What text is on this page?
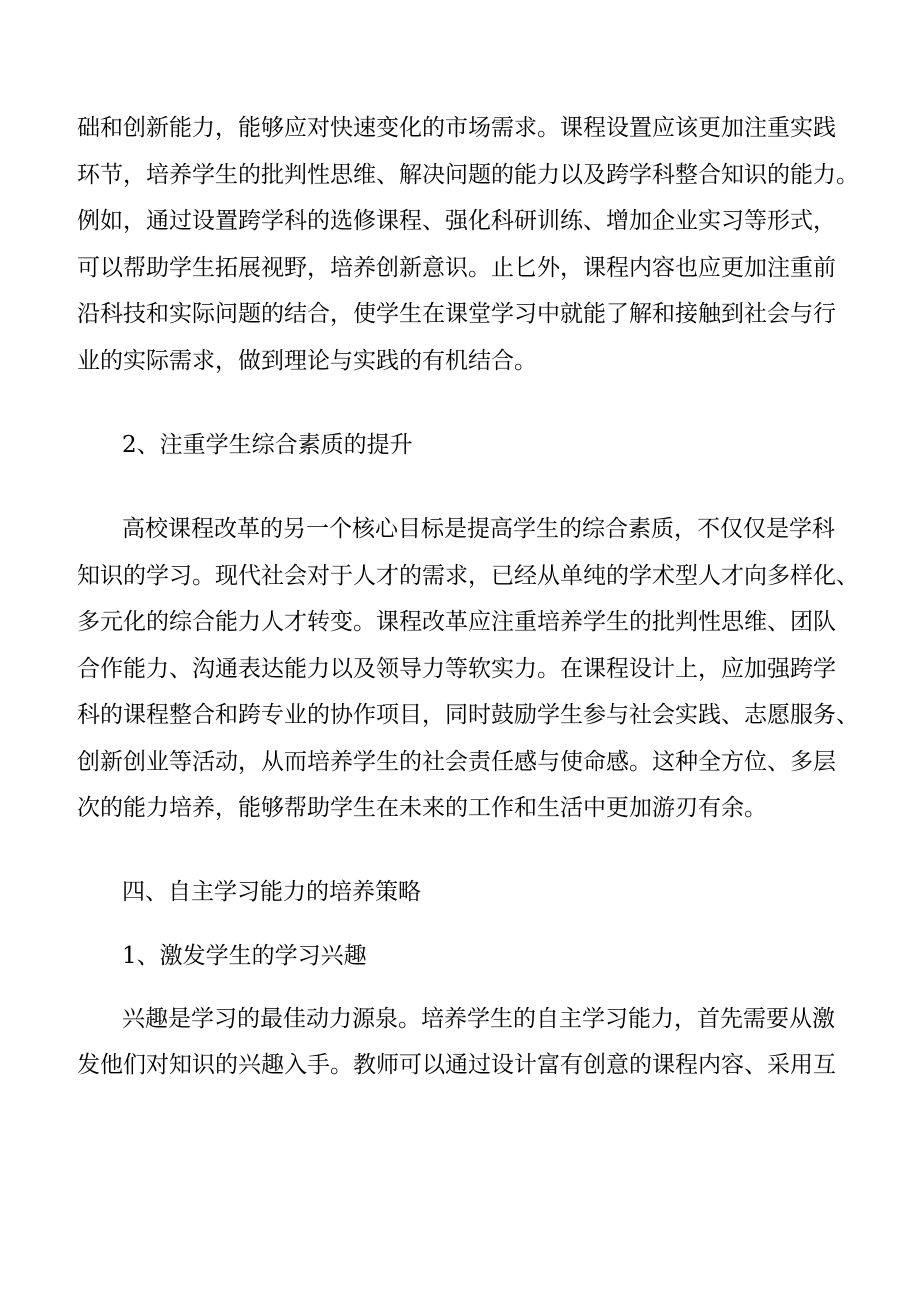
础和创新能力，能够应对快速变化的市场需求。课程设置应该更加注重实践

环节，培养学生的批判性思维、解决问题的能力以及跨学科整合知识的能力。

例如，通过设置跨学科的选修课程、强化科研训练、增加企业实习等形式，

可以帮助学生拓展视野，培养创新意识。止匕外，课程内容也应更加注重前

沿科技和实际问题的结合，使学生在课堂学习中就能了解和接触到社会与行

业的实际需求，做到理论与实践的有机结合。

2、注重学生综合素质的提升

高校课程改革的另一个核心目标是提高学生的综合素质，不仅仅是学科

知识的学习。现代社会对于人才的需求，已经从单纯的学术型人才向多样化、

多元化的综合能力人才转变。课程改革应注重培养学生的批判性思维、团队

合作能力、沟通表达能力以及领导力等软实力。在课程设计上，应加强跨学

科的课程整合和跨专业的协作项目，同时鼓励学生参与社会实践、志愿服务、

创新创业等活动，从而培养学生的社会责任感与使命感。这种全方位、多层

次的能力培养，能够帮助学生在未来的工作和生活中更加游刃有余。

四、自主学习能力的培养策略

1、激发学生的学习兴趣

兴趣是学习的最佳动力源泉。培养学生的自主学习能力，首先需要从激

发他们对知识的兴趣入手。教师可以通过设计富有创意的课程内容、采用互
